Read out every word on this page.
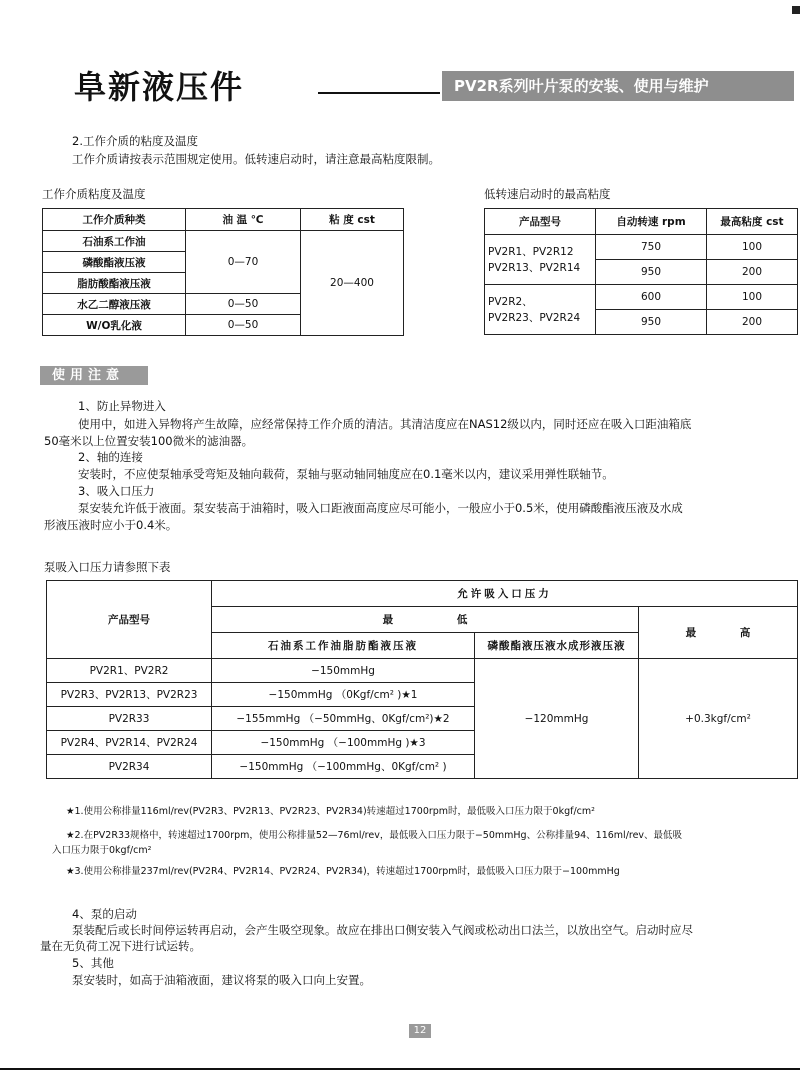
阜新液压件	PV2R系列叶片泵的安装、使用与维护
2.工作介质的粘度及温度
工作介质请按表示范围规定使用。低转速启动时，请注意最高粘度限制。
工作介质粘度及温度
工作介质种类	油 温 ℃	粘 度 cst
石油系工作油	0—70	20—400
磷酸酯液压液		
脂肪酸酯液压液		
水乙二醇液压液	0—50	
W/O乳化液	0—50	
低转速启动时的最高粘度
产品型号	自动转速 rpm	最高粘度 cst

PV2R1、PV2R12
PV2R13、PV2R14	750	100
	950	200

PV2R2、
PV2R23、PV2R24	600	100
	950	200
使用注意
1、防止异物进入
使用中，如进入异物将产生故障，应经常保持工作介质的清洁。其清洁度应在NAS12级以内，同时还应在吸入口距油箱底
50毫米以上位置安装100微米的滤油器。
2、轴的连接
安装时，不应使泵轴承受弯矩及轴向载荷，泵轴与驱动轴同轴度应在0.1毫米以内，建议采用弹性联轴节。
3、吸入口压力
泵安装允许低于液面。泵安装高于油箱时，吸入口距液面高度应尽可能小，一般应小于0.5米，使用磷酸酯液压液及水成
形液压液时应小于0.4米。
泵吸入口压力请参照下表
产品型号	允许吸入口压力		
	最 低		最 高
	石油系工作油脂肪酯液压液	磷酸酯液压液水成形液压液	
PV2R1、PV2R2	−150mmHg	−120mmHg	+0.3kgf/cm²
PV2R3、PV2R13、PV2R23	−150mmHg （0Kgf/cm² )★1		
PV2R33	−155mmHg （−50mmHg、0Kgf/cm²)★2		
PV2R4、PV2R14、PV2R24	−150mmHg （−100mmHg )★3		
PV2R34	−150mmHg （−100mmHg、0Kgf/cm² )		
★1.使用公称排量116ml/rev(PV2R3、PV2R13、PV2R23、PV2R34)转速超过1700rpm时，最低吸入口压力限于0kgf/cm²
★2.在PV2R33规格中，转速超过1700rpm，使用公称排量52—76ml/rev，最低吸入口压力限于−50mmHg、公称排量94、116ml/rev、最低吸
入口压力限于0kgf/cm²
★3.使用公称排量237ml/rev(PV2R4、PV2R14、PV2R24、PV2R34)，转速超过1700rpm时，最低吸入口压力限于−100mmHg
4、泵的启动
泵装配后或长时间停运转再启动，会产生吸空现象。故应在排出口侧安装入气阀或松动出口法兰，以放出空气。启动时应尽
量在无负荷工况下进行试运转。
5、其他
泵安装时，如高于油箱液面，建议将泵的吸入口向上安置。
12
